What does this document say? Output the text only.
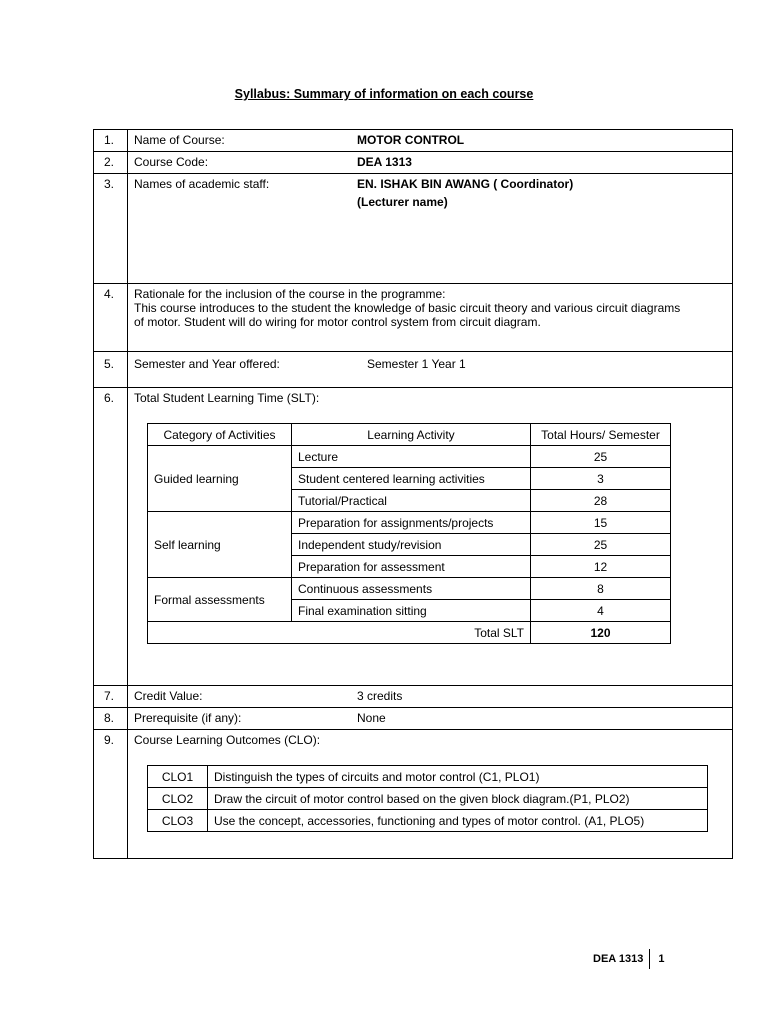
Syllabus: Summary of information on each course
1.	Name of Course:	MOTOR CONTROL

2.	Course Code:	DEA 1313

3.	Names of academic staff:	EN. ISHAK BIN AWANG ( Coordinator)
(Lecturer name)

4.	Rationale for the inclusion of the course in the programme:
This course introduces to the student the knowledge of basic circuit theory and various circuit diagrams
of motor. Student will do wiring for motor control system from circuit diagram.

5.	Semester and Year offered:	Semester 1 Year 1

6.	Total Student Learning Time (SLT):
Category of Activities	Learning Activity	Total Hours/ Semester
Guided learning	Lecture	25
Student centered learning activities	3
Tutorial/Practical	28
Self learning	Preparation for assignments/projects	15
Independent study/revision	25
Preparation for assessment	12
Formal assessments	Continuous assessments	8
Final examination sitting	4
Total SLT	120

7.	Credit Value:	3 credits

8.	Prerequisite (if any):	None

9.	Course Learning Outcomes (CLO):
CLO1	Distinguish the types of circuits and motor control (C1, PLO1)
CLO2	Draw the circuit of motor control based on the given block diagram.(P1, PLO2)
CLO3	Use the concept, accessories, functioning and types of motor control. (A1, PLO5)
DEA 1313 1
